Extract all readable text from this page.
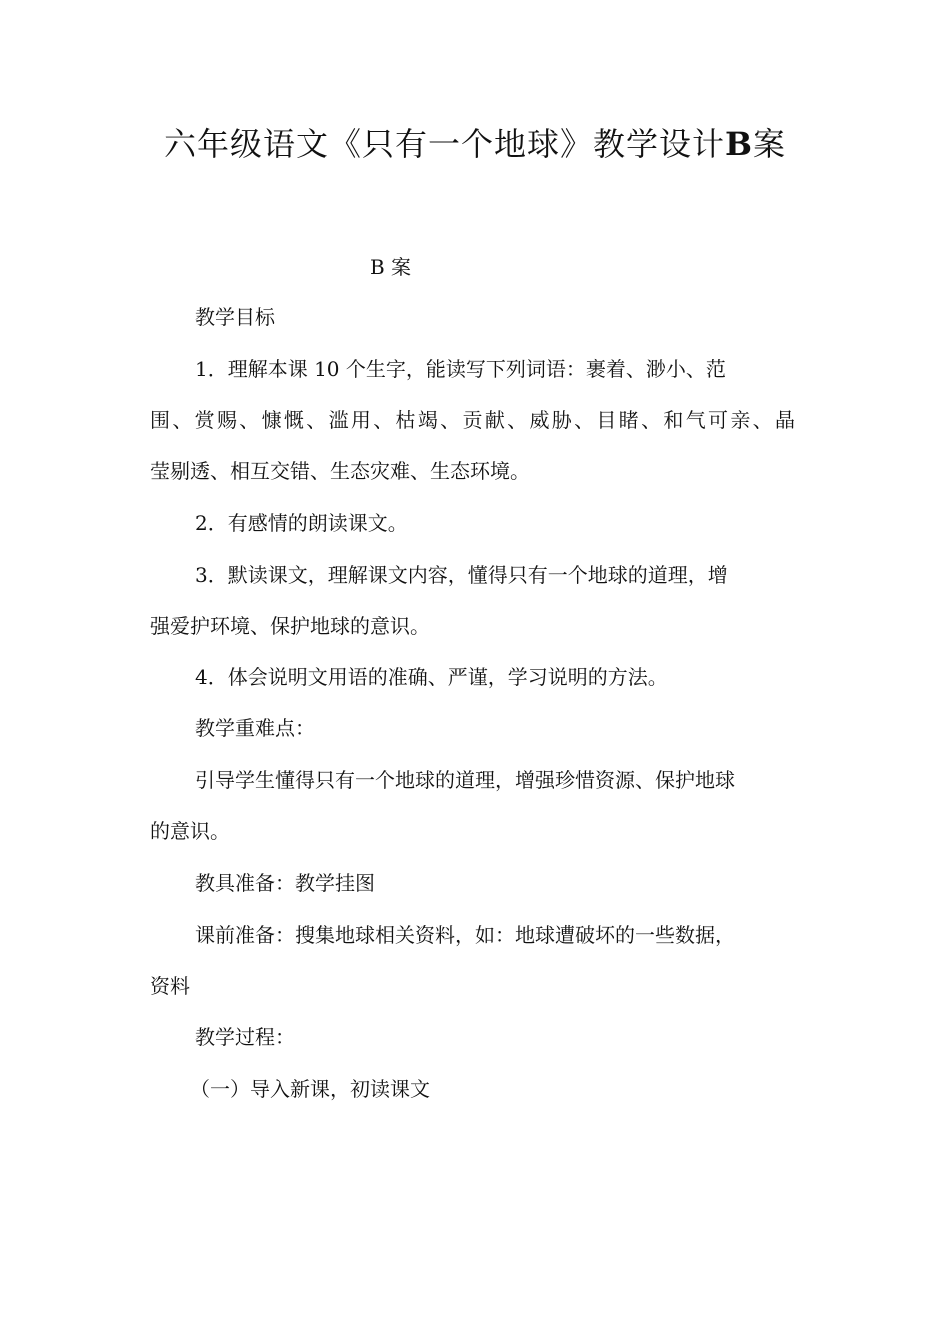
六年级语文《只有一个地球》教学设计B案
B 案
教学目标
1．理解本课 10 个生字，能读写下列词语：裹着、渺小、范
围、赏赐、慷慨、滥用、枯竭、贡献、威胁、目睹、和气可亲、晶
莹剔透、相互交错、生态灾难、生态环境。
2．有感情的朗读课文。
3．默读课文，理解课文内容，懂得只有一个地球的道理，增
强爱护环境、保护地球的意识。
4．体会说明文用语的准确、严谨，学习说明的方法。
教学重难点：
引导学生懂得只有一个地球的道理，增强珍惜资源、保护地球
的意识。
教具准备：教学挂图
课前准备：搜集地球相关资料，如：地球遭破坏的一些数据，
资料
教学过程：
（一）导入新课，初读课文
